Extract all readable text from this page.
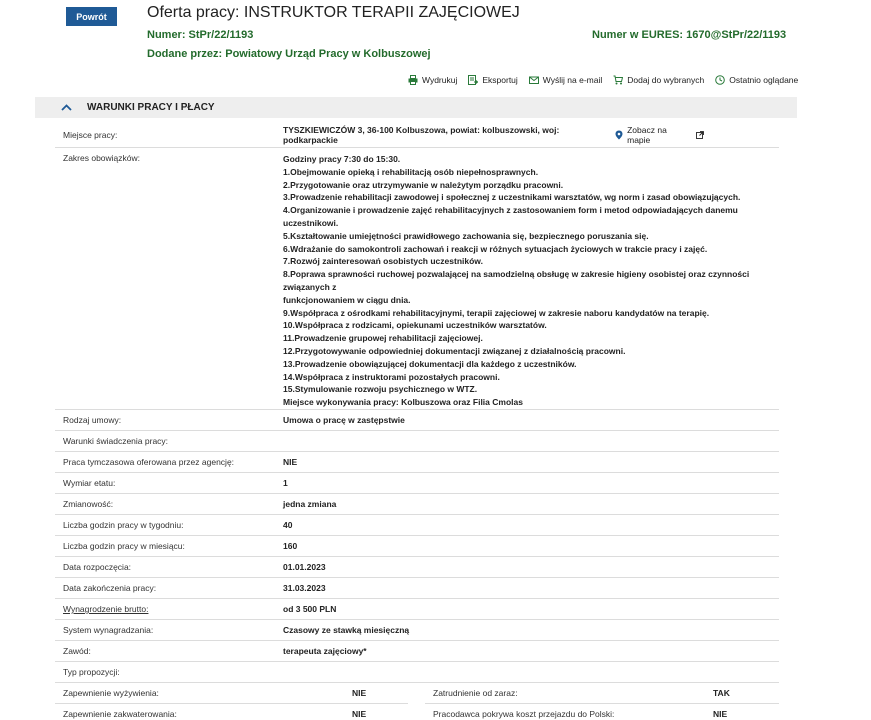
Powrót	Oferta pracy: INSTRUKTOR TERAPII ZAJĘCIOWEJ
Numer: StPr/22/1193	Numer w EURES: 1670@StPr/22/1193
Dodane przez: Powiatowy Urząd Pracy w Kolbuszowej
Wydrukuj	Eksportuj	Wyślij na e-mail	Dodaj do wybranych	Ostatnio oglądane
WARUNKI PRACY I PŁACY
Miejsce pracy:	TYSZKIEWICZÓW 3, 36-100 Kolbuszowa, powiat: kolbuszowski, woj: podkarpackie
Zobacz na mapie
Zakres obowiązków:	Godziny pracy 7:30 do 15:30.
1.Obejmowanie opieką i rehabilitacją osób niepełnosprawnych.
2.Przygotowanie oraz utrzymywanie w należytym porządku pracowni.
3.Prowadzenie rehabilitacji zawodowej i społecznej z uczestnikami warsztatów, wg norm i zasad obowiązujących.
4.Organizowanie i prowadzenie zajęć rehabilitacyjnych z zastosowaniem form i metod odpowiadających danemu uczestnikowi.
5.Kształtowanie umiejętności prawidłowego zachowania się, bezpiecznego poruszania się.
6.Wdrażanie do samokontroli zachowań i reakcji w różnych sytuacjach życiowych w trakcie pracy i zajęć.
7.Rozwój zainteresowań osobistych uczestników.
8.Poprawa sprawności ruchowej pozwalającej na samodzielną obsługę w zakresie higieny osobistej oraz czynności związanych z
funkcjonowaniem w ciągu dnia.
9.Współpraca z ośrodkami rehabilitacyjnymi, terapii zajęciowej w zakresie naboru kandydatów na terapię.
10.Współpraca z rodzicami, opiekunami uczestników warsztatów.
11.Prowadzenie grupowej rehabilitacji zajęciowej.
12.Przygotowywanie odpowiedniej dokumentacji związanej z działalnością pracowni.
13.Prowadzenie obowiązującej dokumentacji dla każdego z uczestników.
14.Współpraca z instruktorami pozostałych pracowni.
15.Stymulowanie rozwoju psychicznego w WTZ.
Miejsce wykonywania pracy: Kolbuszowa oraz Filia Cmolas
Rodzaj umowy:	Umowa o pracę w zastępstwie
Warunki świadczenia pracy:
Praca tymczasowa oferowana przez agencję:	NIE
Wymiar etatu:	1
Zmianowość:	jedna zmiana
Liczba godzin pracy w tygodniu:	40
Liczba godzin pracy w miesiącu:	160
Data rozpoczęcia:	01.01.2023
Data zakończenia pracy:	31.03.2023
Wynagrodzenie brutto:	od 3 500 PLN
System wynagradzania:	Czasowy ze stawką miesięczną
Zawód:	terapeuta zajęciowy*
Typ propozycji:
Zapewnienie wyżywienia:	NIE	Zatrudnienie od zaraz:	TAK
Zapewnienie zakwaterowania:	NIE	Pracodawca pokrywa koszt przejazdu do Polski:	NIE
